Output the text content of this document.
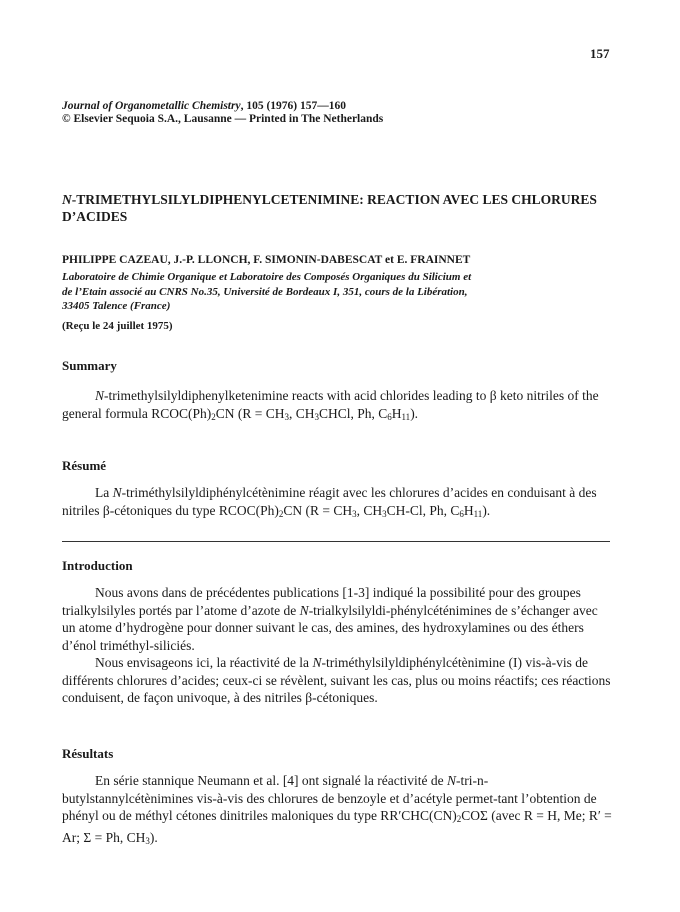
157
Journal of Organometallic Chemistry, 105 (1976) 157—160
© Elsevier Sequoia S.A., Lausanne — Printed in The Netherlands
N-TRIMETHYLSILYLDIPHENYLCETENIMINE: REACTION AVEC LES CHLORURES D’ACIDES
PHILIPPE CAZEAU, J.-P. LLONCH, F. SIMONIN-DABESCAT et E. FRAINNET
Laboratoire de Chimie Organique et Laboratoire des Composés Organiques du Silicium et
de l’Etain associé au CNRS No.35, Université de Bordeaux I, 351, cours de la Libération,
33405 Talence (France)
(Reçu le 24 juillet 1975)
Summary

N-trimethylsilyldiphenylketenimine reacts with acid chlorides leading to β keto nitriles of the general formula $RCOC(Ph)_2CN$ ($R = CH_3$, $CH_3CHCl$, Ph, $C_6H_{11}$).

Résumé

La N-triméthylsilyldiphénylcétènimine réagit avec les chlorures d’acides en conduisant à des nitriles β-cétoniques du type $RCOC(Ph)_2CN$ ($R = CH_3$, $CH_3CH-Cl$, Ph, $C_6H_{11}$).

Introduction

Nous avons dans de précédentes publications [1-3] indiqué la possibilité pour des groupes trialkylsilyles portés par l’atome d’azote de N-trialkylsilyldi-phénylcéténimines de s’échanger avec un atome d’hydrogène pour donner suivant le cas, des amines, des hydroxylamines ou des éthers d’énol triméthyl-siliciés.

Nous envisageons ici, la réactivité de la N-triméthylsilyldiphénylcétènimine (I) vis-à-vis de différents chlorures d’acides; ceux-ci se révèlent, suivant les cas, plus ou moins réactifs; ces réactions conduisent, de façon univoque, à des nitriles β-cétoniques.

Résultats

En série stannique Neumann et al. [4] ont signalé la réactivité de N-tri-n-butylstannylcétènimines vis-à-vis des chlorures de benzoyle et d’acétyle permet-tant l’obtention de phényl ou de méthyl cétones dinitriles maloniques du type $RR'CHC(CN)_2CO\Sigma$ (avec R = H, Me; R′ = Ar; Σ = Ph, $CH_3$).
